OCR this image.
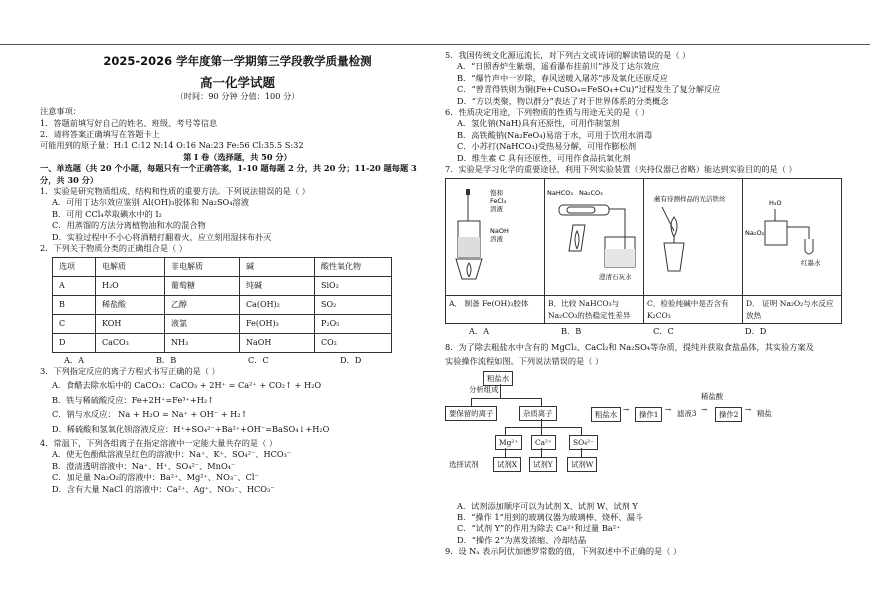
2025-2026 学年度第一学期第三学段教学质量检测
高一化学试题
（时间：90 分钟 分值：100 分）
注意事项：
1．答题前填写好自己的姓名、班级、考号等信息
2．请将答案正确填写在答题卡上
可能用到的原子量：H:1 C:12 N:14 O:16 Na:23 Fe:56 Cl:35.5 S:32
第 I 卷（选择题，共 50 分）
一、单选题（共 20 个小题，每题只有一个正确答案，1-10 题每题 2 分，共 20 分；11-20 题每题 3 分，共 30 分）
1．实验是研究物质组成、结构和性质的重要方法。下列说法错误的是（ ）
A．可用丁达尔效应鉴别 Al(OH)₃胶体和 Na₂SO₄溶液
B．可用 CCl₄萃取碘水中的 I₂
C．用蒸馏的方法分离植物油和水的混合物
D．实验过程中不小心将酒精打翻着火，应立刻用湿抹布扑灭
2．下列关于物质分类的正确组合是（ ）
选项	电解质	非电解质	碱	酸性氧化物
A	H₂O	葡萄糖	纯碱	SiO₂
B	稀盐酸	乙醇	Ca(OH)₂	SO₂
C	KOH	液氯	Fe(OH)₃	P₂O₅
D	CaCO₃	NH₃	NaOH	CO₂
A．A	B．B	C．C	D．D
3．下列指定反应的离子方程式书写正确的是（ ）
A．食醋去除水垢中的 CaCO₃：CaCO₃ + 2H⁺ = Ca²⁺ + CO₂↑ + H₂O
B．铁与稀硫酸反应：Fe+2H⁺=Fe³⁺+H₂↑
C．钠与水反应： Na + H₂O = Na⁺ + OH⁻ + H₂↑
D．稀硫酸和氢氧化钡溶液反应：H⁺+SO₄²⁻+Ba²⁺+OH⁻=BaSO₄↓+H₂O
4．常温下，下列各组离子在指定溶液中一定能大量共存的是（ ）
A．使无色酚酞溶液呈红色的溶液中：Na⁺、K⁺、SO₄²⁻、HCO₃⁻
B．澄清透明溶液中：Na⁺、H⁺、SO₄²⁻、MnO₄⁻
C．加足量 Na₂O₂的溶液中：Ba²⁺、Mg²⁺、NO₃⁻、Cl⁻
D．含有大量 NaCl 的溶液中：Ca²⁺、Ag⁺、NO₃⁻、HCO₃⁻
5．我国传统文化源远流长，对下列古文或诗词的解读错误的是（ ）
A．“日照香炉生紫烟，遥看瀑布挂前川”涉及丁达尔效应
B．“爆竹声中一岁除，春风送暖入屠苏”涉及氧化还原反应
C．“曾青得铁则为铜(Fe+CuSO₄=FeSO₄+Cu)”过程发生了复分解反应
D．“方以类聚，物以群分”表达了对于世界体系的分类概念
6．性质决定用途，下列物质的性质与用途无关的是（ ）
A．氢化钠(NaH)具有还原性，可用作制氢剂
B．高铁酸钠(Na₂FeO₄)易溶于水，可用于饮用水消毒
C．小苏打(NaHCO₃)受热易分解，可用作膨松剂
D．维生素 C 具有还原性，可用作食品抗氧化剂
7．实验是学习化学的重要途径，利用下列实验装置（夹持仪器已省略）能达到实验目的的是（ ）
饱和
FeCl₃
溶液
NaOH
溶液	NaHCO₃ Na₂CO₃
澄清石灰水	蘸有待测样品的光洁铁丝	H₂O
Na₂O₂
红墨水

A． 制备 Fe(OH)₃胶体	B．比较 NaHCO₃与 Na₂CO₃的热稳定性差异	C．检验纯碱中是否含有 K₂CO₃	D． 证明 Na₂O₂与水反应放热
A．A	B．B	C．C	D．D
8．为了除去粗盐水中含有的 MgCl₂、CaCl₂和 Na₂SO₄等杂质，提纯并获取食盐晶体，其实验方案及
实验操作流程如图。下列说法错误的是（ ）
粗盐水
分析组成
要保留的离子	杂质离子
Mg²⁺	Ca²⁺	SO₄²⁻
选择试剂	试剂X	试剂Y	试剂W
粗盐水
→
操作1
→ 滤液3 →
稀盐酸
操作2
→ 精盐
A．试剂添加顺序可以为试剂 X、试剂 W、试剂 Y
B．“操作 1”用到的玻璃仪器为玻璃棒、烧杯、漏斗
C．“试剂 Y”的作用为除去 Ca²⁺和过量 Ba²⁺
D．“操作 2”为蒸发浓缩、冷却结晶
9．设 Nₐ 表示阿伏加德罗常数的值，下列叙述中不正确的是（ ）
